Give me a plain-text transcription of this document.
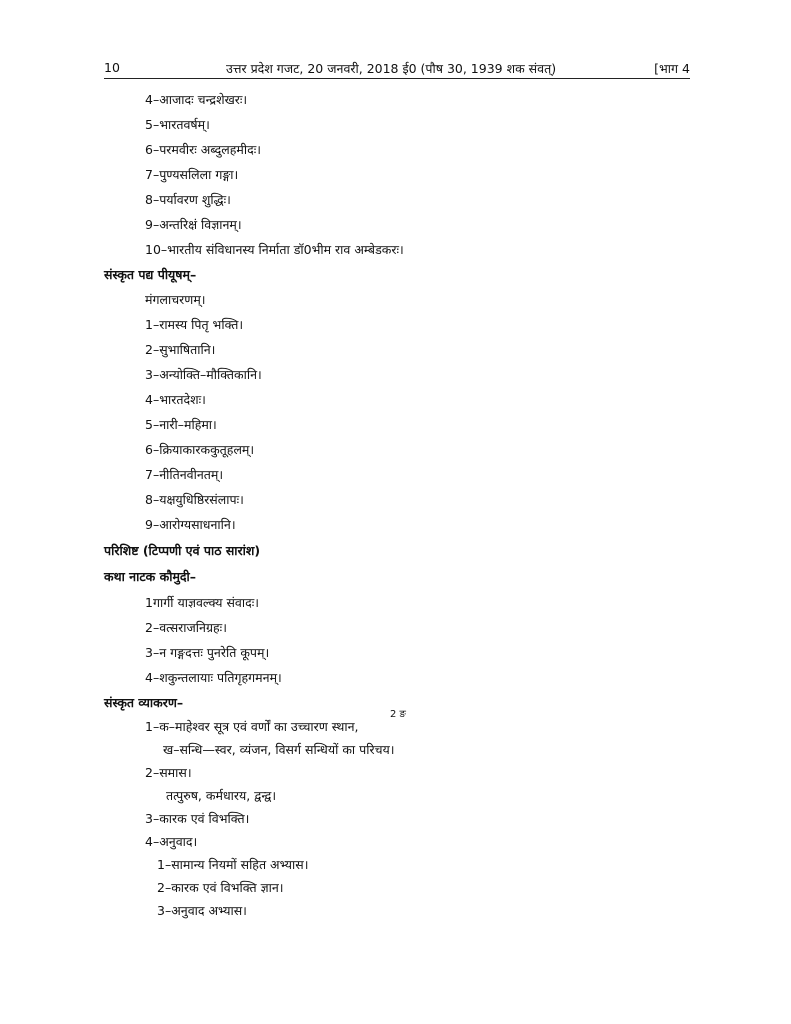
10	उत्तर प्रदेश गजट, 20 जनवरी, 2018 ई0 (पौष 30, 1939 शक संवत्)	[भाग 4
4–आजादः चन्द्रशेखरः।
5–भारतवर्षम्।
6–परमवीरः अब्दुलहमीदः।
7–पुण्यसलिला गङ्गा।
8–पर्यावरण शुद्धिः।
9–अन्तरिक्षं विज्ञानम्।
10–भारतीय संविधानस्य निर्माता डॉ0भीम राव अम्बेडकरः।
संस्कृत पद्य पीयूषम्–
मंगलाचरणम्।
1–रामस्य पितृ भक्ति।
2–सुभाषितानि।
3–अन्योक्ति–मौक्तिकानि।
4–भारतदेशः।
5–नारी–महिमा।
6–क्रियाकारककुतूहलम्।
7–नीतिनवीनतम्।
8–यक्षयुधिष्ठिरसंलापः।
9–आरोग्यसाधनानि।
परिशिष्ट (टिप्पणी एवं पाठ सारांश)
कथा नाटक कौमुदी–
1गार्गी याज्ञवल्क्य संवादः।
2–वत्सराजनिग्रहः।
3–न गङ्गदत्तः पुनरेति कूपम्।
4–शकुन्तलायाः पतिगृहगमनम्।
संस्कृत व्याकरण–
1–क–माहेश्वर सूत्र एवं वर्णों का उच्चारण स्थान,
2 ङ
ख–सन्धि—स्वर, व्यंजन, विसर्ग सन्धियों का परिचय।
2–समास।
तत्पुरुष, कर्मधारय, द्वन्द्व।
3–कारक एवं विभक्ति।
4–अनुवाद।
1–सामान्य नियमों सहित अभ्यास।
2–कारक एवं विभक्ति ज्ञान।
3–अनुवाद अभ्यास।
